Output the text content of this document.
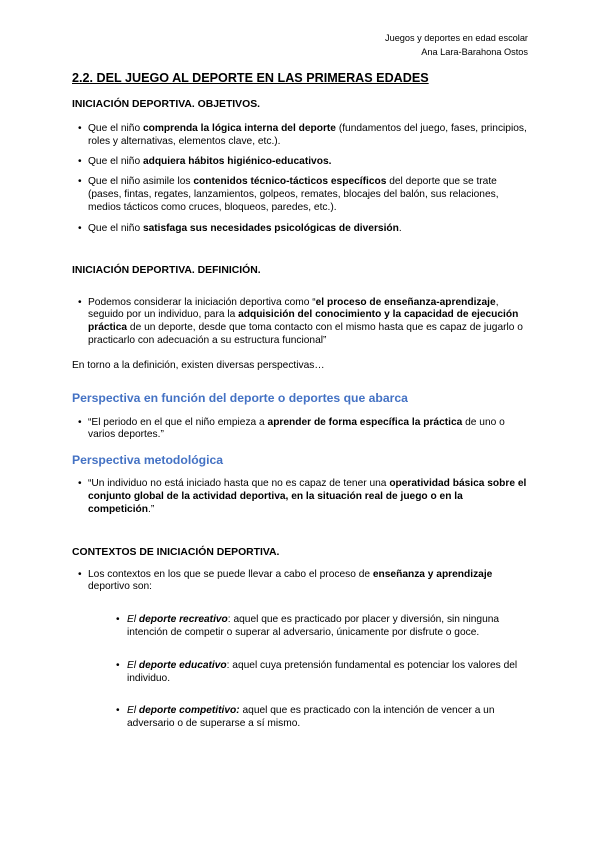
Juegos y deportes en edad escolar
Ana Lara-Barahona Ostos
2.2. DEL JUEGO AL DEPORTE EN LAS PRIMERAS EDADES
INICIACIÓN DEPORTIVA. OBJETIVOS.
• Que el niño comprenda la lógica interna del deporte (fundamentos del juego, fases, principios, roles y alternativas, elementos clave, etc.).
• Que el niño adquiera hábitos higiénico-educativos.
• Que el niño asimile los contenidos técnico-tácticos específicos del deporte que se trate (pases, fintas, regates, lanzamientos, golpeos, remates, blocajes del balón, sus relaciones, medios tácticos como cruces, bloqueos, paredes, etc.).
• Que el niño satisfaga sus necesidades psicológicas de diversión.
INICIACIÓN DEPORTIVA. DEFINICIÓN.
• Podemos considerar la iniciación deportiva como “el proceso de enseñanza-aprendizaje, seguido por un individuo, para la adquisición del conocimiento y la capacidad de ejecución práctica de un deporte, desde que toma contacto con el mismo hasta que es capaz de jugarlo o practicarlo con adecuación a su estructura funcional”

En torno a la definición, existen diversas perspectivas…

Perspectiva en función del deporte o deportes que abarca
• “El periodo en el que el niño empieza a aprender de forma específica la práctica de uno o varios deportes.”
Perspectiva metodológica
• “Un individuo no está iniciado hasta que no es capaz de tener una operatividad básica sobre el conjunto global de la actividad deportiva, en la situación real de juego o en la competición.”
CONTEXTOS DE INICIACIÓN DEPORTIVA.
• Los contextos en los que se puede llevar a cabo el proceso de enseñanza y aprendizaje deportivo son:
• El deporte recreativo: aquel que es practicado por placer y diversión, sin ninguna intención de competir o superar al adversario, únicamente por disfrute o goce.
• El deporte educativo: aquel cuya pretensión fundamental es potenciar los valores del individuo.
• El deporte competitivo: aquel que es practicado con la intención de vencer a un adversario o de superarse a sí mismo.
